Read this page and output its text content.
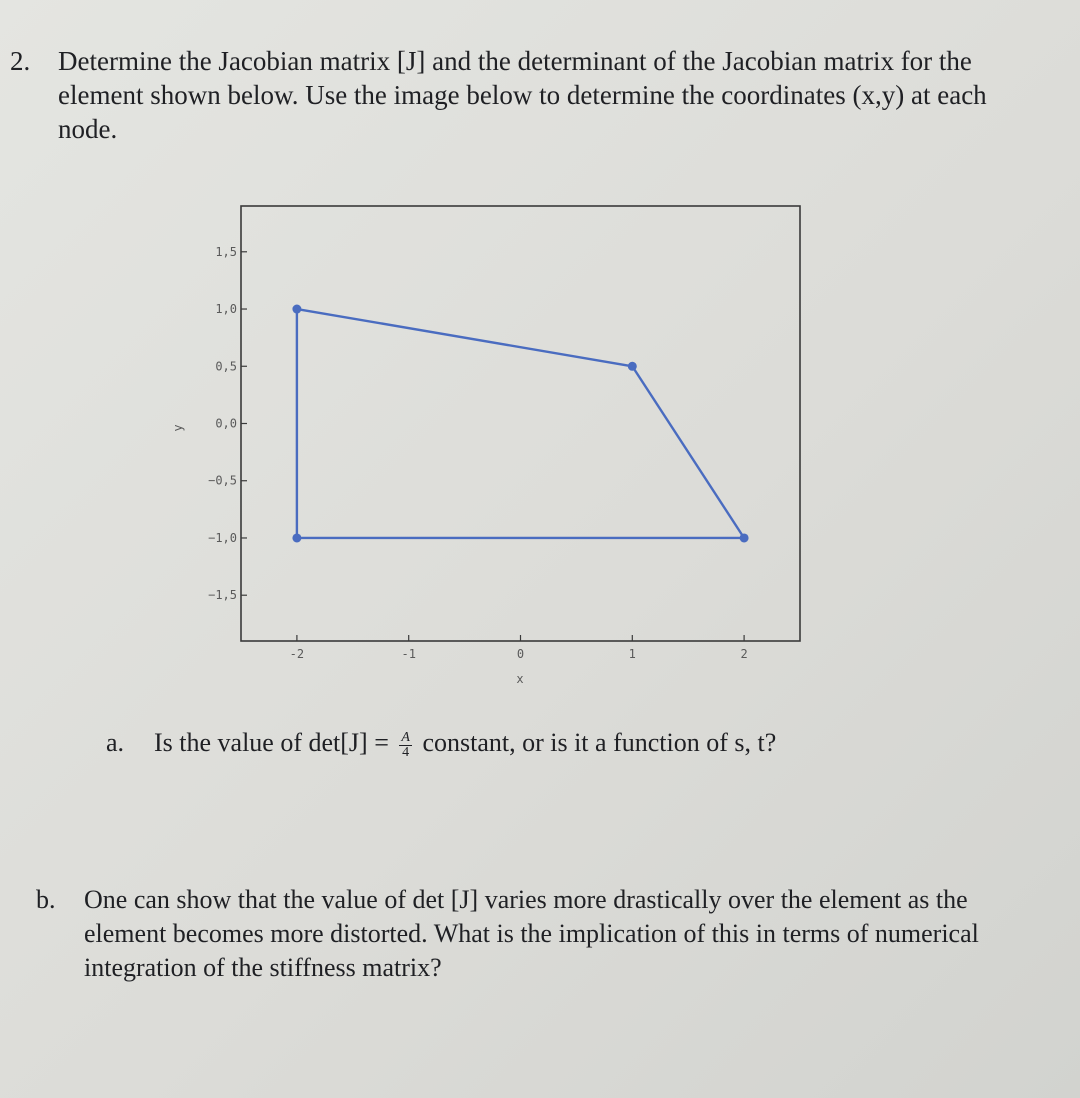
2.	Determine the Jacobian matrix [J] and the determinant of the Jacobian matrix for the element shown below. Use the image below to determine the coordinates (x,y) at each node.
1,5
1,0
0,5
0,0
−0,5
−1,0
−1,5
-2	-1	0	1	2
x
y
a.	Is the value of $\det[J] = \frac{A}{4}$ constant, or is it a function of s, t?
b.	One can show that the value of det [J] varies more drastically over the element as the element becomes more distorted. What is the implication of this in terms of numerical integration of the stiffness matrix?
